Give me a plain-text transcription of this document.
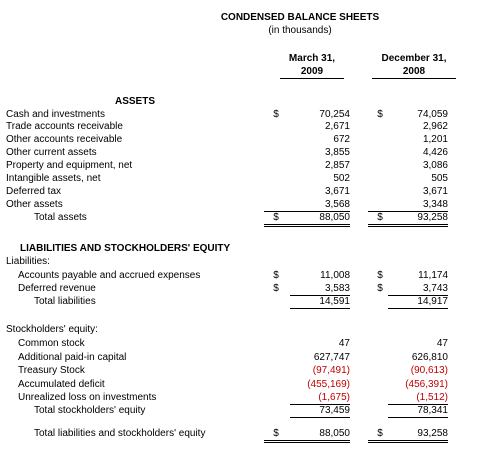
CONDENSED BALANCE SHEETS
(in thousands)
March 31,
2009
December 31,
2008
ASSETS
Cash and investments	$	70,254	$	74,059
Trade accounts receivable	2,671	2,962
Other accounts receivable	672	1,201
Other current assets	3,855	4,426
Property and equipment, net	2,857	3,086
Intangible assets, net	502	505
Deferred tax	3,671	3,671
Other assets	3,568	3,348
Total assets	$	88,050	$	93,258
LIABILITIES AND STOCKHOLDERS' EQUITY
Liabilities:
Accounts payable and accrued expenses	$	11,008	$	11,174
Deferred revenue	$	3,583	$	3,743
Total liabilities	14,591	14,917
Stockholders' equity:
Common stock	47	47
Additional paid-in capital	627,747	626,810
Treasury Stock	(97,491)	(90,613)
Accumulated deficit	(455,169)	(456,391)
Unrealized loss on investments	(1,675)	(1,512)
Total stockholders' equity	73,459	78,341
Total liabilities and stockholders' equity	$	88,050	$	93,258
